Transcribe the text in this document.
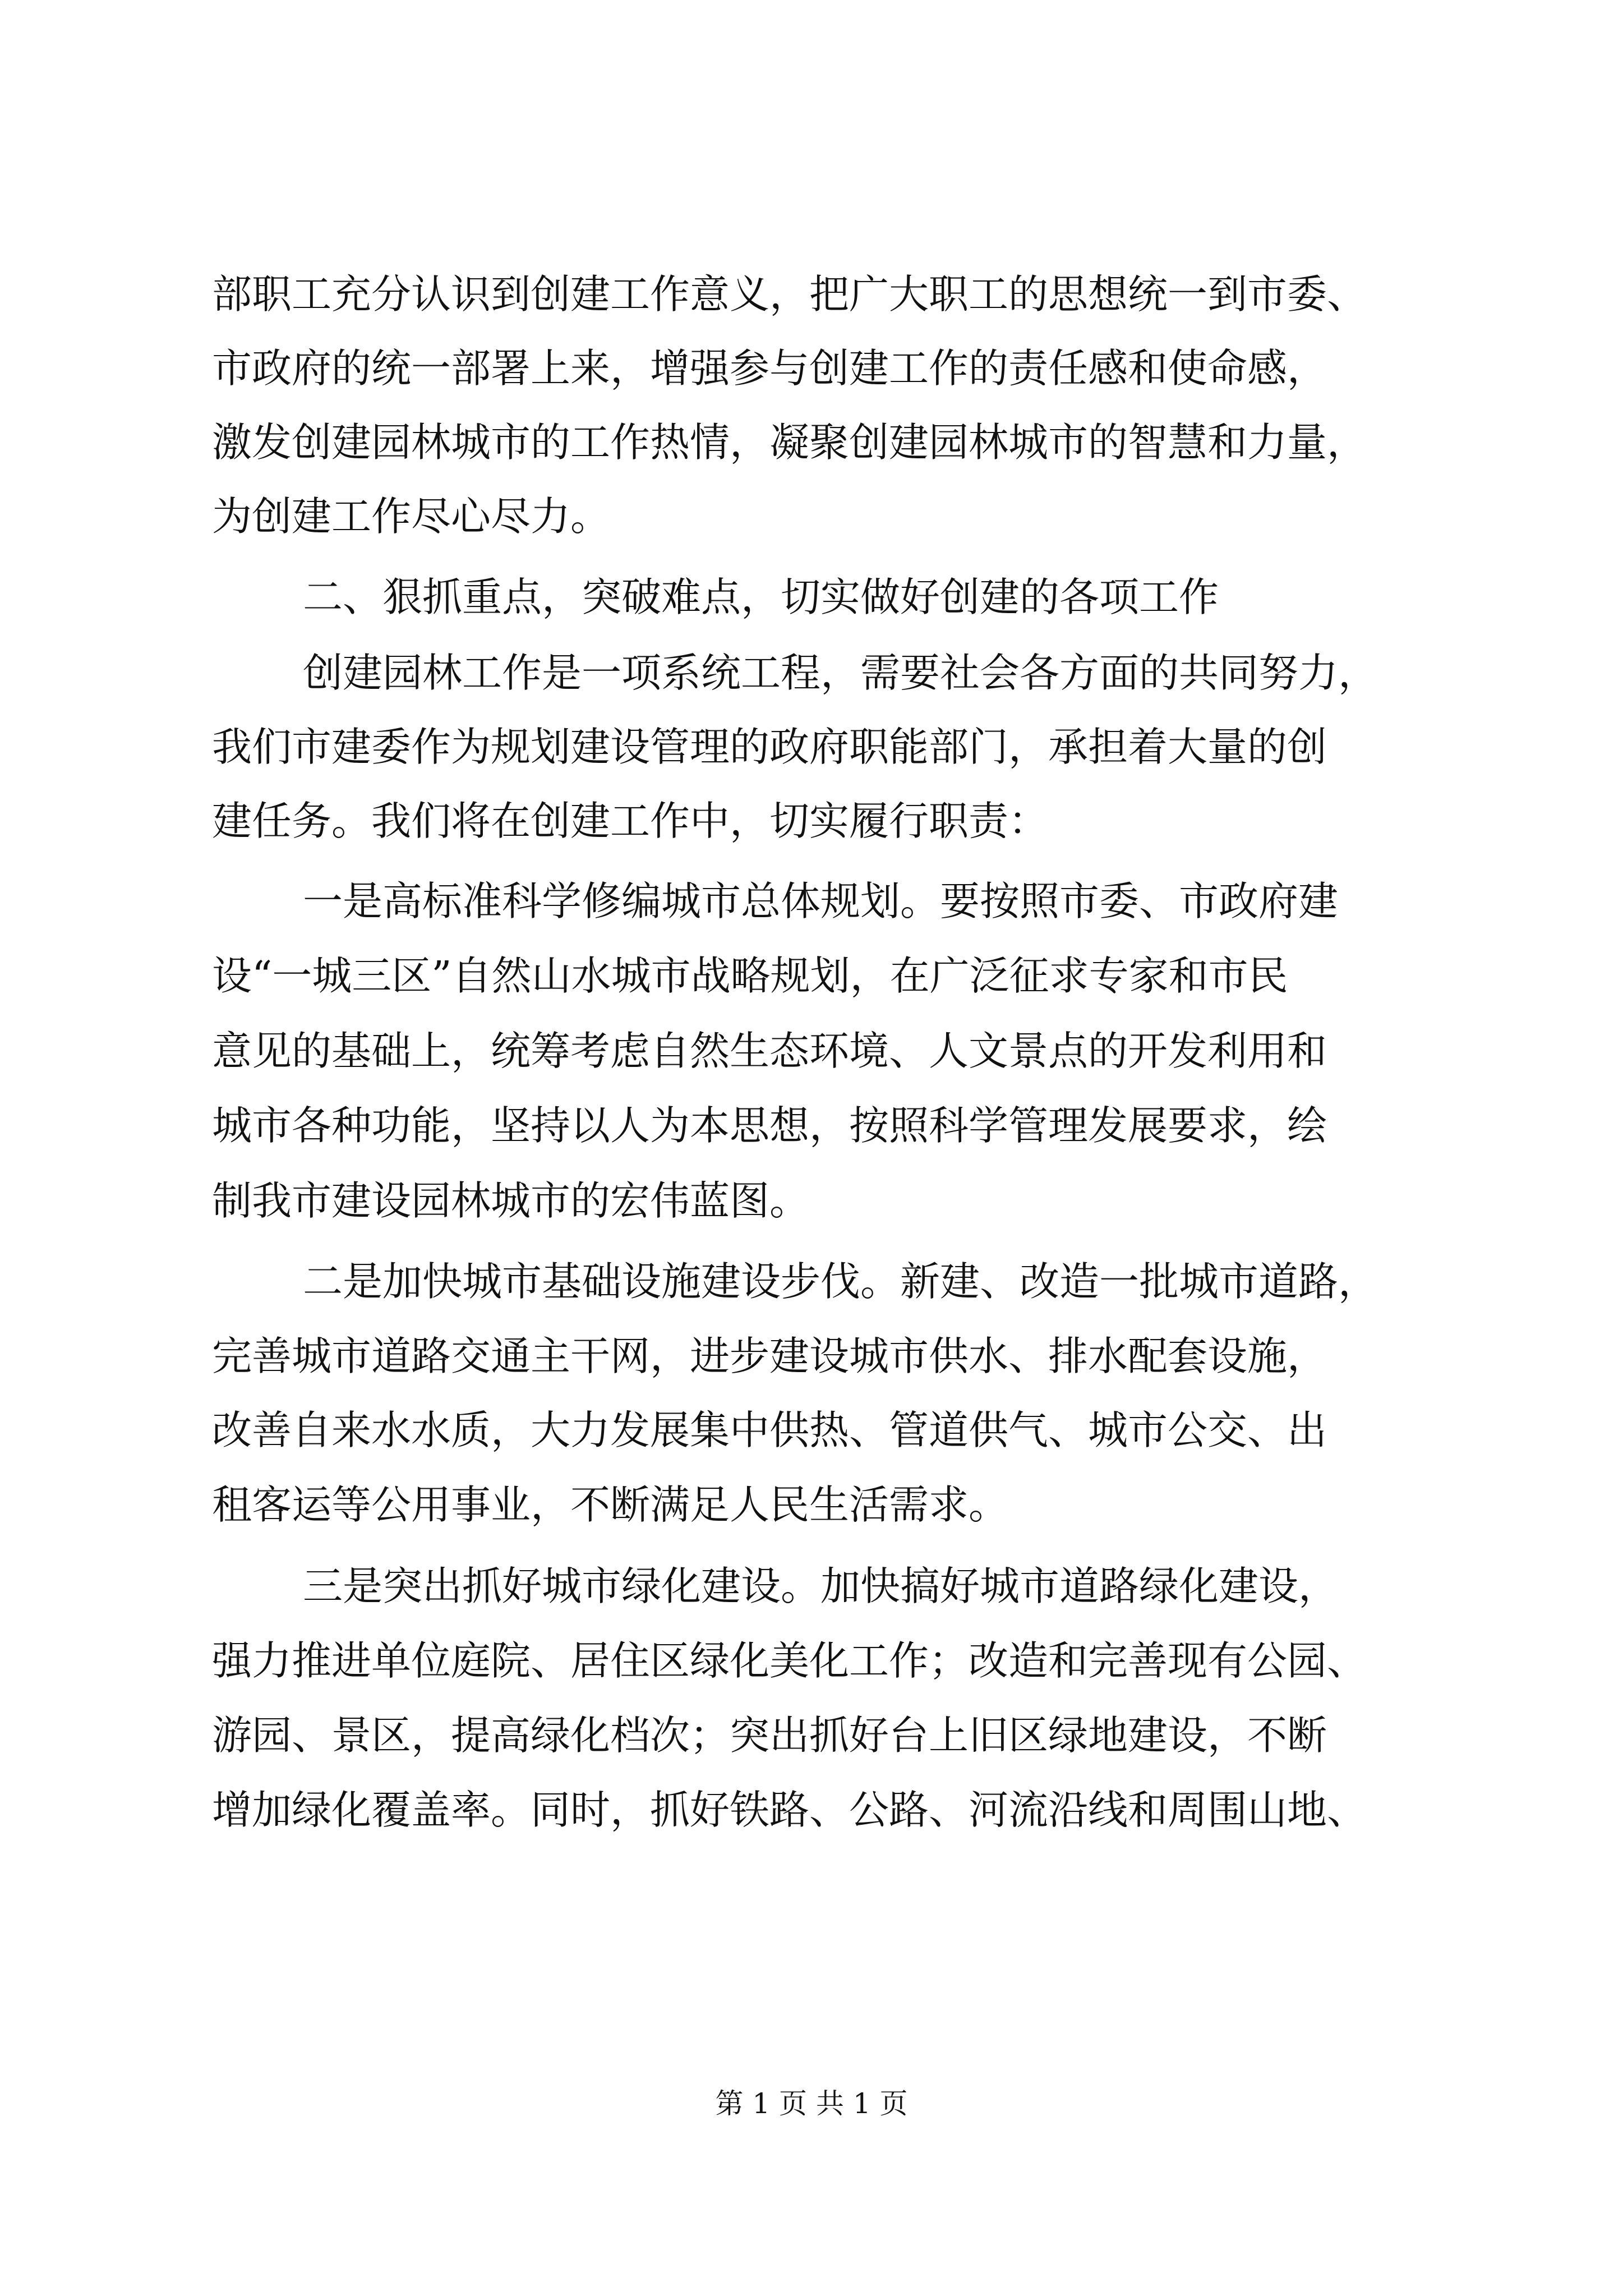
部职工充分认识到创建工作意义，把广大职工的思想统一到市委、
市政府的统一部署上来，增强参与创建工作的责任感和使命感，
激发创建园林城市的工作热情，凝聚创建园林城市的智慧和力量，
为创建工作尽心尽力。
二、狠抓重点，突破难点，切实做好创建的各项工作
创建园林工作是一项系统工程，需要社会各方面的共同努力，
我们市建委作为规划建设管理的政府职能部门，承担着大量的创
建任务。我们将在创建工作中，切实履行职责：
一是高标准科学修编城市总体规划。要按照市委、市政府建
设“一城三区”自然山水城市战略规划，在广泛征求专家和市民
意见的基础上，统筹考虑自然生态环境、人文景点的开发利用和
城市各种功能，坚持以人为本思想，按照科学管理发展要求，绘
制我市建设园林城市的宏伟蓝图。
二是加快城市基础设施建设步伐。新建、改造一批城市道路，
完善城市道路交通主干网，进步建设城市供水、排水配套设施，
改善自来水水质，大力发展集中供热、管道供气、城市公交、出
租客运等公用事业，不断满足人民生活需求。
三是突出抓好城市绿化建设。加快搞好城市道路绿化建设，
强力推进单位庭院、居住区绿化美化工作；改造和完善现有公园、
游园、景区，提高绿化档次；突出抓好台上旧区绿地建设，不断
增加绿化覆盖率。同时，抓好铁路、公路、河流沿线和周围山地、
第 1 页 共 1 页
